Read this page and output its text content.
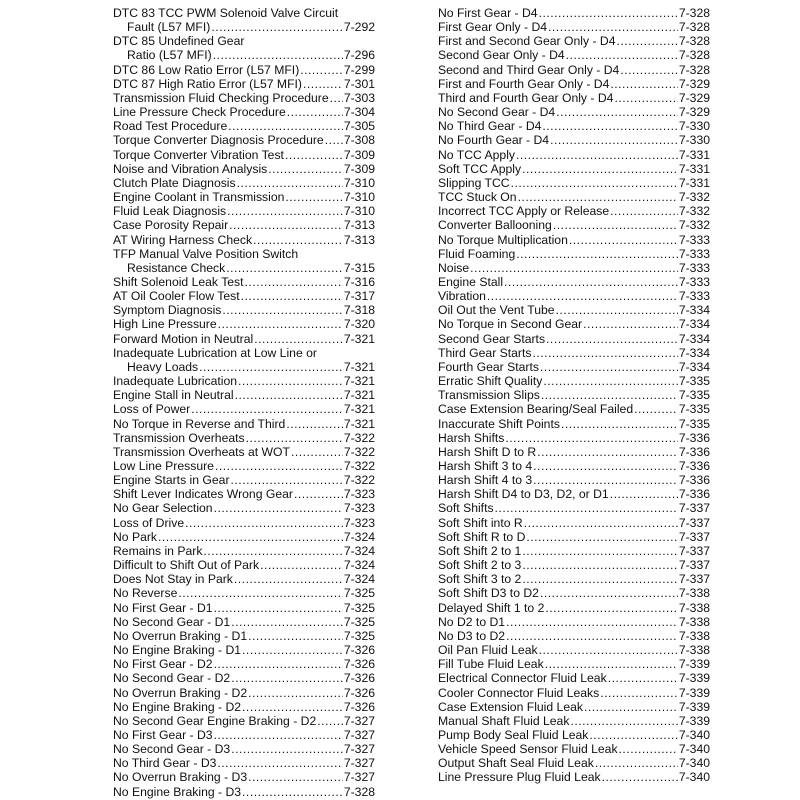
DTC 83 TCC PWM Solenoid Valve Circuit
Fault (L57 MFI) .....	7-292
DTC 85 Undefined Gear
Ratio (L57 MFI) .....	7-296
DTC 86 Low Ratio Error (L57 MFI) .....	7-299
DTC 87 High Ratio Error (L57 MFI) .....	7-301
Transmission Fluid Checking Procedure ..... 7-303
Line Pressure Check Procedure .....	7-304
Road Test Procedure .....	7-305
Torque Converter Diagnosis Procedure ..... 7-308
Torque Converter Vibration Test .....	7-309
Noise and Vibration Analysis .....	7-309
Clutch Plate Diagnosis .....	7-310
Engine Coolant in Transmission .....	7-310
Fluid Leak Diagnosis .....	7-310
Case Porosity Repair .....	7-313
AT Wiring Harness Check .....	7-313
TFP Manual Valve Position Switch
Resistance Check .....	7-315
Shift Solenoid Leak Test .....	7-316
AT Oil Cooler Flow Test .....	7-317
Symptom Diagnosis .....	7-318
High Line Pressure .....	7-320
Forward Motion in Neutral .....	7-321
Inadequate Lubrication at Low Line or
Heavy Loads .....	7-321
Inadequate Lubrication .....	7-321
Engine Stall in Neutral .....	7-321
Loss of Power .....	7-321
No Torque in Reverse and Third .....	7-321
Transmission Overheats .....	7-322
Transmission Overheats at WOT .....	7-322
Low Line Pressure .....	7-322
Engine Starts in Gear .....	7-322
Shift Lever Indicates Wrong Gear .....	7-323
No Gear Selection .....	7-323
Loss of Drive .....	7-323
No Park .....	7-324
Remains in Park .....	7-324
Difficult to Shift Out of Park .....	7-324
Does Not Stay in Park .....	7-324
No Reverse .....	7-325
No First Gear - D1 .....	7-325
No Second Gear - D1 .....	7-325
No Overrun Braking - D1 .....	7-325
No Engine Braking - D1 .....	7-326
No First Gear - D2 .....	7-326
No Second Gear - D2 .....	7-326
No Overrun Braking - D2 .....	7-326
No Engine Braking - D2 .....	7-326
No Second Gear Engine Braking - D2 ..... 7-327
No First Gear - D3 .....	7-327
No Second Gear - D3 .....	7-327
No Third Gear - D3 .....	7-327
No Overrun Braking - D3 .....	7-327
No Engine Braking - D3 .....	7-328
No First Gear - D4 .....	7-328
First Gear Only - D4 .....	7-328
First and Second Gear Only - D4 .....	7-328
Second Gear Only - D4 .....	7-328
Second and Third Gear Only - D4 .....	7-328
First and Fourth Gear Only - D4 .....	7-329
Third and Fourth Gear Only - D4 .....	7-329
No Second Gear - D4 .....	7-329
No Third Gear - D4 .....	7-330
No Fourth Gear - D4 .....	7-330
No TCC Apply .....	7-331
Soft TCC Apply .....	7-331
Slipping TCC .....	7-331
TCC Stuck On .....	7-332
Incorrect TCC Apply or Release .....	7-332
Converter Ballooning .....	7-332
No Torque Multiplication .....	7-333
Fluid Foaming .....	7-333
Noise .....	7-333
Engine Stall .....	7-333
Vibration .....	7-333
Oil Out the Vent Tube .....	7-334
No Torque in Second Gear .....	7-334
Second Gear Starts .....	7-334
Third Gear Starts .....	7-334
Fourth Gear Starts .....	7-334
Erratic Shift Quality .....	7-335
Transmission Slips .....	7-335
Case Extension Bearing/Seal Failed .....	7-335
Inaccurate Shift Points .....	7-335
Harsh Shifts .....	7-336
Harsh Shift D to R .....	7-336
Harsh Shift 3 to 4 .....	7-336
Harsh Shift 4 to 3 .....	7-336
Harsh Shift D4 to D3, D2, or D1 .....	7-336
Soft Shifts .....	7-337
Soft Shift into R .....	7-337
Soft Shift R to D .....	7-337
Soft Shift 2 to 1 .....	7-337
Soft Shift 2 to 3 .....	7-337
Soft Shift 3 to 2 .....	7-337
Soft Shift D3 to D2 .....	7-338
Delayed Shift 1 to 2 .....	7-338
No D2 to D1 .....	7-338
No D3 to D2 .....	7-338
Oil Pan Fluid Leak .....	7-338
Fill Tube Fluid Leak .....	7-339
Electrical Connector Fluid Leak .....	7-339
Cooler Connector Fluid Leaks .....	7-339
Case Extension Fluid Leak .....	7-339
Manual Shaft Fluid Leak .....	7-339
Pump Body Seal Fluid Leak .....	7-340
Vehicle Speed Sensor Fluid Leak .....	7-340
Output Shaft Seal Fluid Leak .....	7-340
Line Pressure Plug Fluid Leak .....	7-340
